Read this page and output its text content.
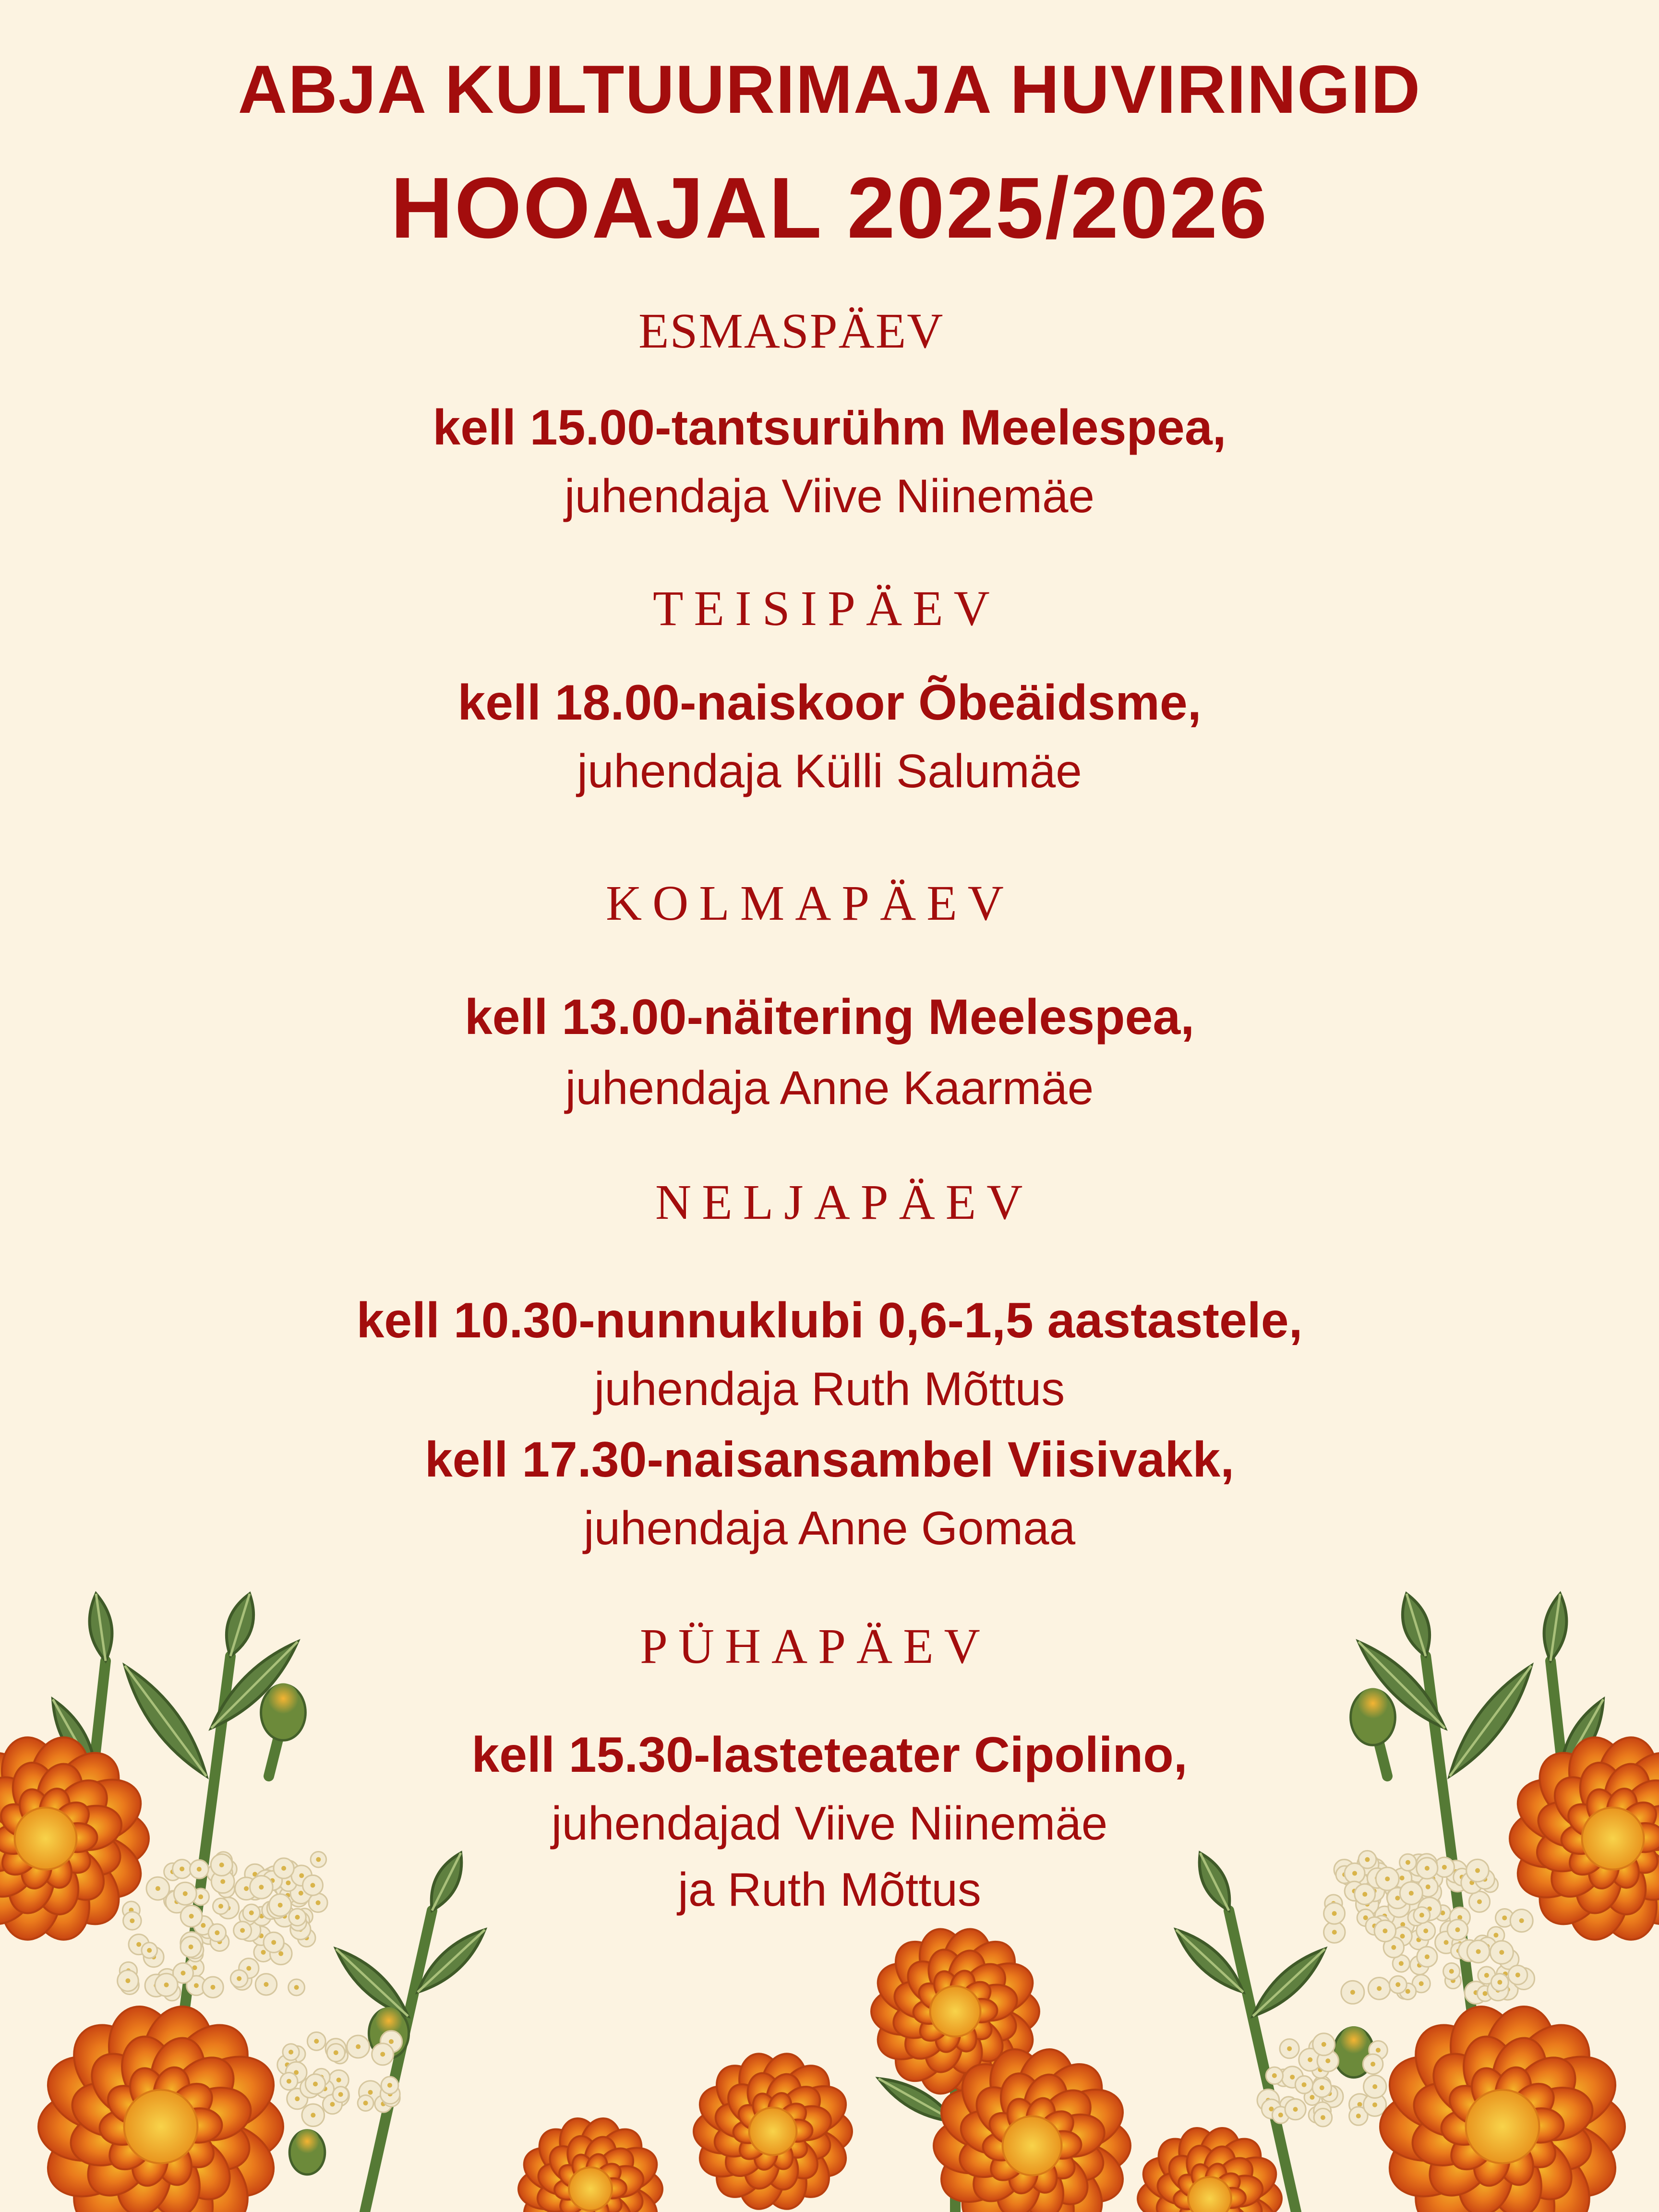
ABJA KULTUURIMAJA HUVIRINGID
HOOAJAL 2025/2026
ESMASPÄEV
kell 15.00-tantsurühm Meelespea,
juhendaja Viive Niinemäe
TEISIPÄEV
kell 18.00-naiskoor Õbeäidsme,
juhendaja Külli Salumäe
KOLMAPÄEV
kell 13.00-näitering Meelespea,
juhendaja Anne Kaarmäe
NELJAPÄEV
kell 10.30-nunnuklubi 0,6-1,5 aastastele,
juhendaja Ruth Mõttus
kell 17.30-naisansambel Viisivakk,
juhendaja Anne Gomaa
PÜHAPÄEV
kell 15.30-lasteteater Cipolino,
juhendajad Viive Niinemäe
ja Ruth Mõttus
